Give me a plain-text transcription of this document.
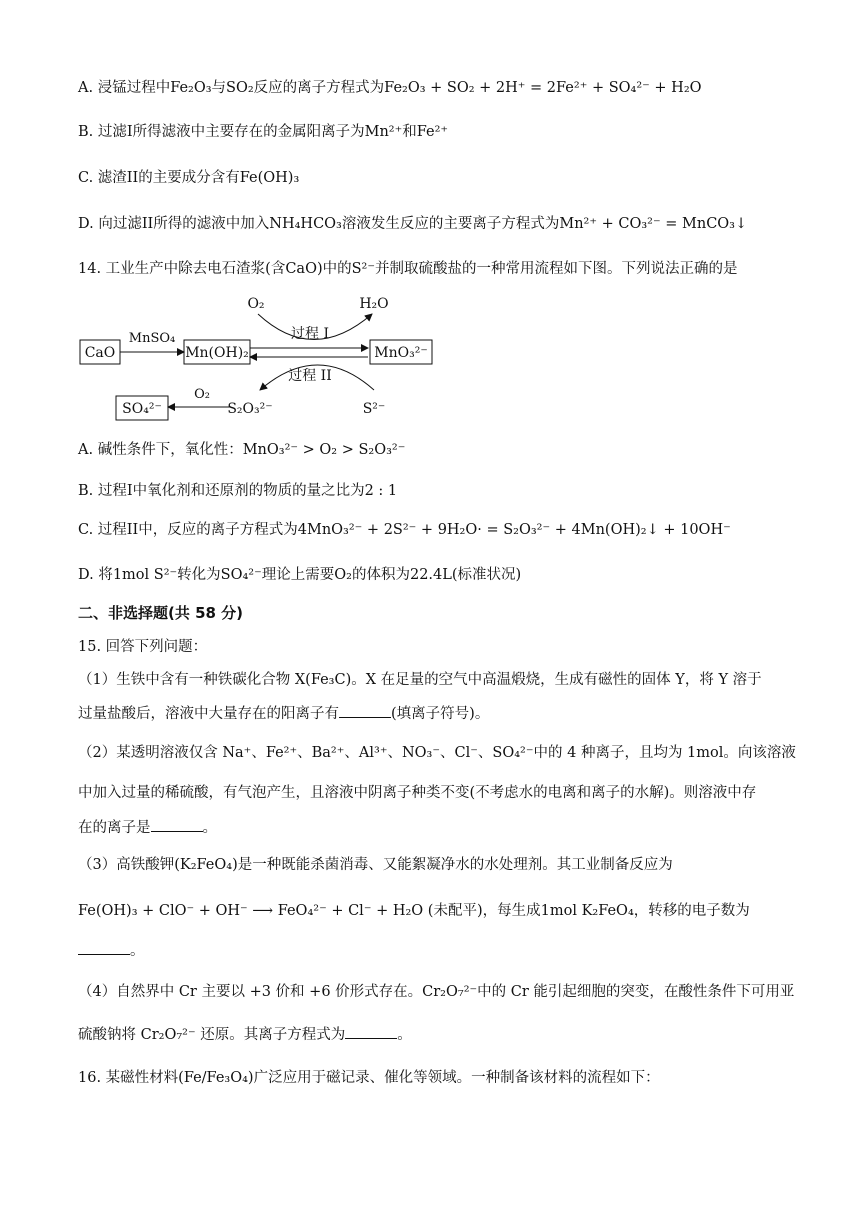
A. 浸锰过程中Fe₂O₃与SO₂反应的离子方程式为Fe₂O₃ + SO₂ + 2H⁺ = 2Fe²⁺ + SO₄²⁻ + H₂O
B. 过滤I所得滤液中主要存在的金属阳离子为Mn²⁺和Fe²⁺
C. 滤渣II的主要成分含有Fe(OH)₃
D. 向过滤II所得的滤液中加入NH₄HCO₃溶液发生反应的主要离子方程式为Mn²⁺ + CO₃²⁻ = MnCO₃↓
14. 工业生产中除去电石渣浆(含CaO)中的S²⁻并制取硫酸盐的一种常用流程如下图。下列说法正确的是
CaO
MnSO₄
Mn(OH)₂	MnO₃²⁻
O₂	H₂O
过程 I
过程 II
SO₄²⁻
O₂
S₂O₃²⁻	S²⁻
A. 碱性条件下，氧化性：MnO₃²⁻ > O₂ > S₂O₃²⁻
B. 过程I中氧化剂和还原剂的物质的量之比为2 : 1
C. 过程II中，反应的离子方程式为4MnO₃²⁻ + 2S²⁻ + 9H₂O· = S₂O₃²⁻ + 4Mn(OH)₂↓ + 10OH⁻
D. 将1mol S²⁻转化为SO₄²⁻理论上需要O₂的体积为22.4L(标准状况)
二、非选择题(共 58 分)
15. 回答下列问题：
（1）生铁中含有一种铁碳化合物 X(Fe₃C)。X 在足量的空气中高温煅烧，生成有磁性的固体 Y，将 Y 溶于
过量盐酸后，溶液中大量存在的阳离子有	(填离子符号)。
（2）某透明溶液仅含 Na⁺、Fe²⁺、Ba²⁺、Al³⁺、NO₃⁻、Cl⁻、SO₄²⁻中的 4 种离子，且均为 1mol。向该溶液
中加入过量的稀硫酸，有气泡产生，且溶液中阴离子种类不变(不考虑水的电离和离子的水解)。则溶液中存
在的离子是	。
（3）高铁酸钾(K₂FeO₄)是一种既能杀菌消毒、又能絮凝净水的水处理剂。其工业制备反应为
Fe(OH)₃ + ClO⁻ + OH⁻ ⟶ FeO₄²⁻ + Cl⁻ + H₂O (未配平)，每生成1mol K₂FeO₄，转移的电子数为
。
（4）自然界中 Cr 主要以 +3 价和 +6 价形式存在。Cr₂O₇²⁻中的 Cr 能引起细胞的突变，在酸性条件下可用亚
硫酸钠将 Cr₂O₇²⁻ 还原。其离子方程式为	。
16. 某磁性材料(Fe/Fe₃O₄)广泛应用于磁记录、催化等领域。一种制备该材料的流程如下：
